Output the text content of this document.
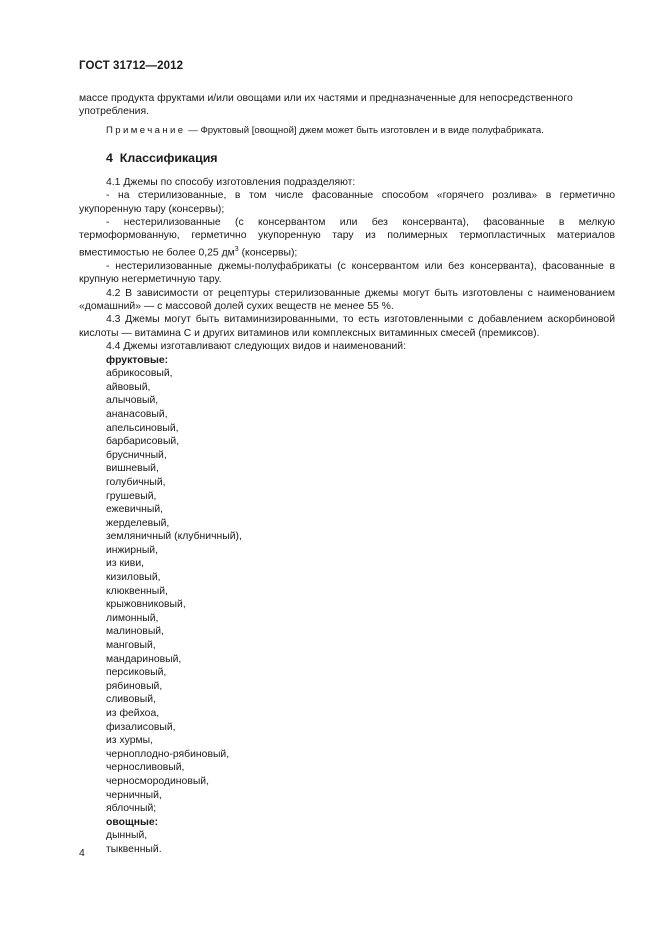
ГОСТ 31712—2012

массе продукта фруктами и/или овощами или их частями и предназначенные для непосредственного
употребления.

Примечание — Фруктовый [овощной] джем может быть изготовлен и в виде полуфабриката.

4 Классификация

4.1 Джемы по способу изготовления подразделяют:

- на стерилизованные, в том числе фасованные способом «горячего розлива» в герметично укупоренную тару (консервы);

- нестерилизованные (с консервантом или без консерванта), фасованные в мелкую термоформованную, герметично укупоренную тару из полимерных термопластичных материалов вместимостью не более 0,25 $дм^3$ (консервы);

- нестерилизованные джемы-полуфабрикаты (с консервантом или без консерванта), фасованные в крупную негерметичную тару.

4.2 В зависимости от рецептуры стерилизованные джемы могут быть изготовлены с наименованием «домашний» — с массовой долей сухих веществ не менее 55 %.

4.3 Джемы могут быть витаминизированными, то есть изготовленными с добавлением аскорбиновой кислоты — витамина С и других витаминов или комплексных витаминных смесей (премиксов).

4.4 Джемы изготавливают следующих видов и наименований:

фруктовые:
абрикосовый,
айвовый,
алычовый,
ананасовый,
апельсиновый,
барбарисовый,
брусничный,
вишневый,
голубичный,
грушевый,
ежевичный,
жерделевый,
земляничный (клубничный),
инжирный,
из киви,
кизиловый,
клюквенный,
крыжовниковый,
лимонный,
малиновый,
манговый,
мандариновый,
персиковый,
рябиновый,
сливовый,
из фейхоа,
физалисовый,
из хурмы,
черноплодно-рябиновый,
черносливовый,
черносмородиновый,
черничный,
яблочный;
овощные:
дынный,
тыквенный.
4
